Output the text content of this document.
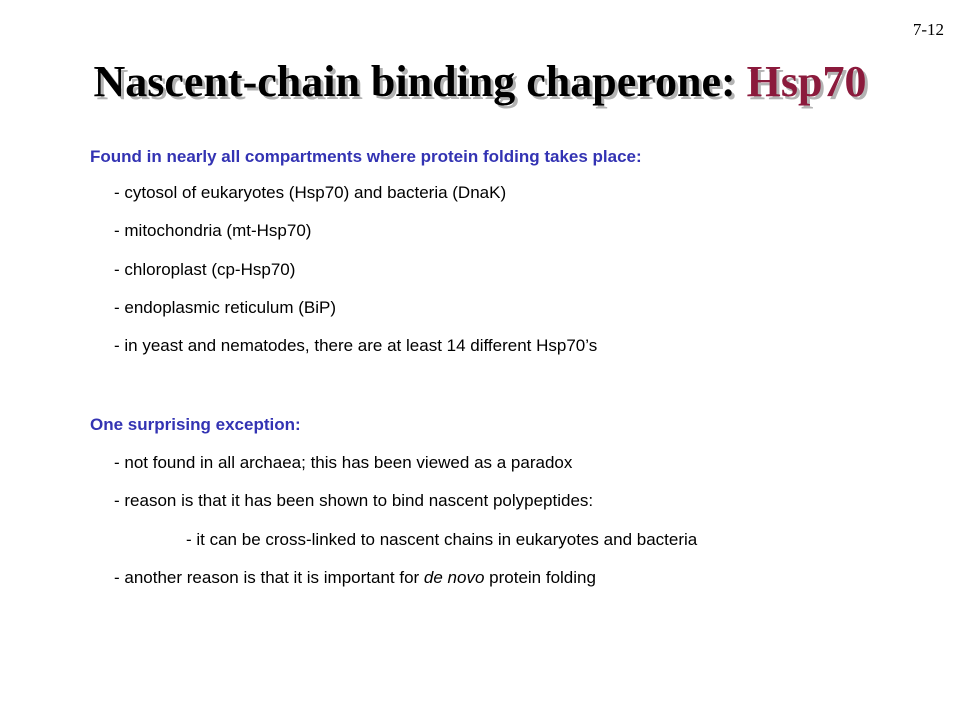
7-12
Nascent-chain binding chaperone: Hsp70
Found in nearly all compartments where protein folding takes place:
- cytosol of eukaryotes (Hsp70) and bacteria (DnaK)
- mitochondria (mt-Hsp70)
- chloroplast (cp-Hsp70)
- endoplasmic reticulum (BiP)
- in yeast and nematodes, there are at least 14 different Hsp70’s
One surprising exception:
- not found in all archaea; this has been viewed as a paradox
- reason is that it has been shown to bind nascent polypeptides:
- it can be cross-linked to nascent chains in eukaryotes and bacteria
- another reason is that it is important for de novo protein folding
